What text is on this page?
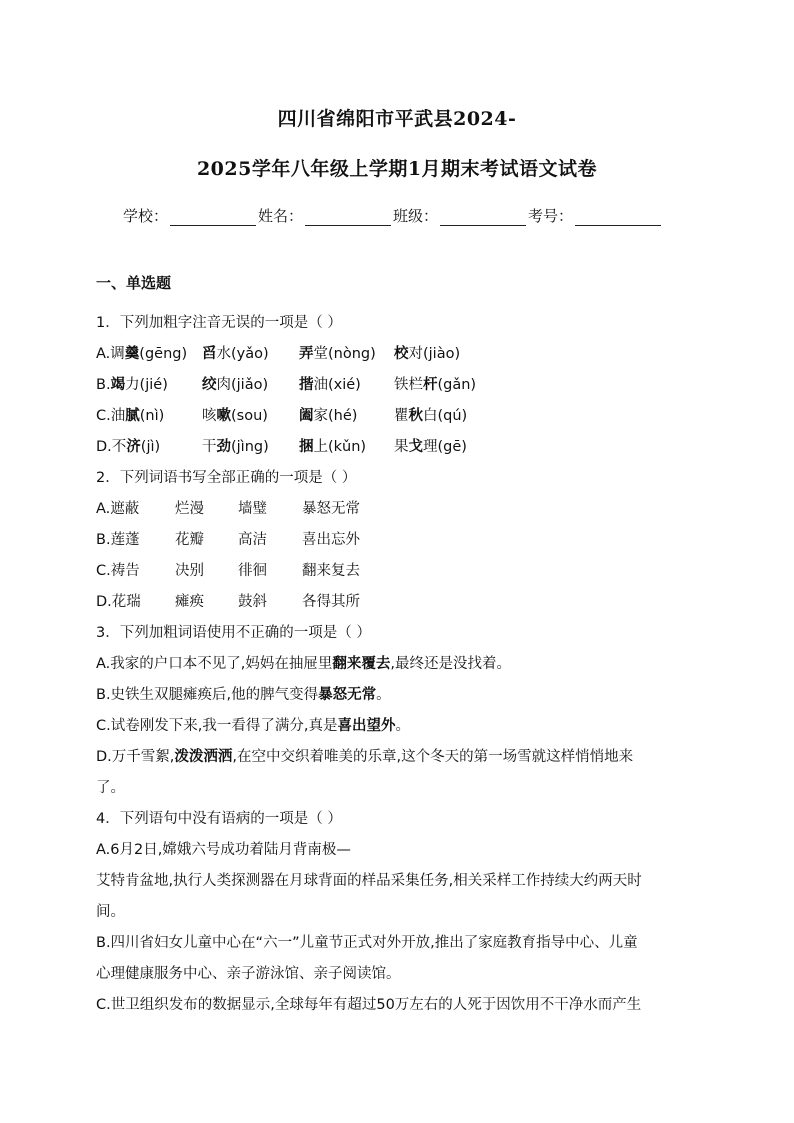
四川省绵阳市平武县2024-
2025学年八年级上学期1月期末考试语文试卷
学校：	姓名：	班级：	考号：
一、单选题
1．下列加粗字注音无误的一项是（ ）
A.调羹(gēng)	舀水(yǎo)	弄堂(nòng)	校对(jiào)
B.竭力(jié)	绞肉(jiǎo)	揩油(xié)	铁栏杆(gǎn)
C.油腻(nì)	咳嗽(sou)	阖家(hé)	瞿秋白(qú)
D.不济(jì)	干劲(jìng)	捆上(kǔn)	果戈理(gē)
2．下列词语书写全部正确的一项是（ ）
A.遮蔽	烂漫	墙璧	暴怒无常
B.莲蓬	花瓣	高洁	喜出忘外
C.祷告	决别	徘徊	翻来复去
D.花瑞	瘫痪	鼓斜	各得其所
3．下列加粗词语使用不正确的一项是（ ）
A.我家的户口本不见了,妈妈在抽屉里翻来覆去,最终还是没找着。
B.史铁生双腿瘫痪后,他的脾气变得暴怒无常。
C.试卷刚发下来,我一看得了满分,真是喜出望外。
D.万千雪絮,泼泼洒洒,在空中交织着唯美的乐章,这个冬天的第一场雪就这样悄悄地来
了。
4．下列语句中没有语病的一项是（ ）
A.6月2日,嫦娥六号成功着陆月背南极—
艾特肯盆地,执行人类探测器在月球背面的样品采集任务,相关采样工作持续大约两天时
间。
B.四川省妇女儿童中心在“六一”儿童节正式对外开放,推出了家庭教育指导中心、儿童
心理健康服务中心、亲子游泳馆、亲子阅读馆。
C.世卫组织发布的数据显示,全球每年有超过50万左右的人死于因饮用不干净水而产生
